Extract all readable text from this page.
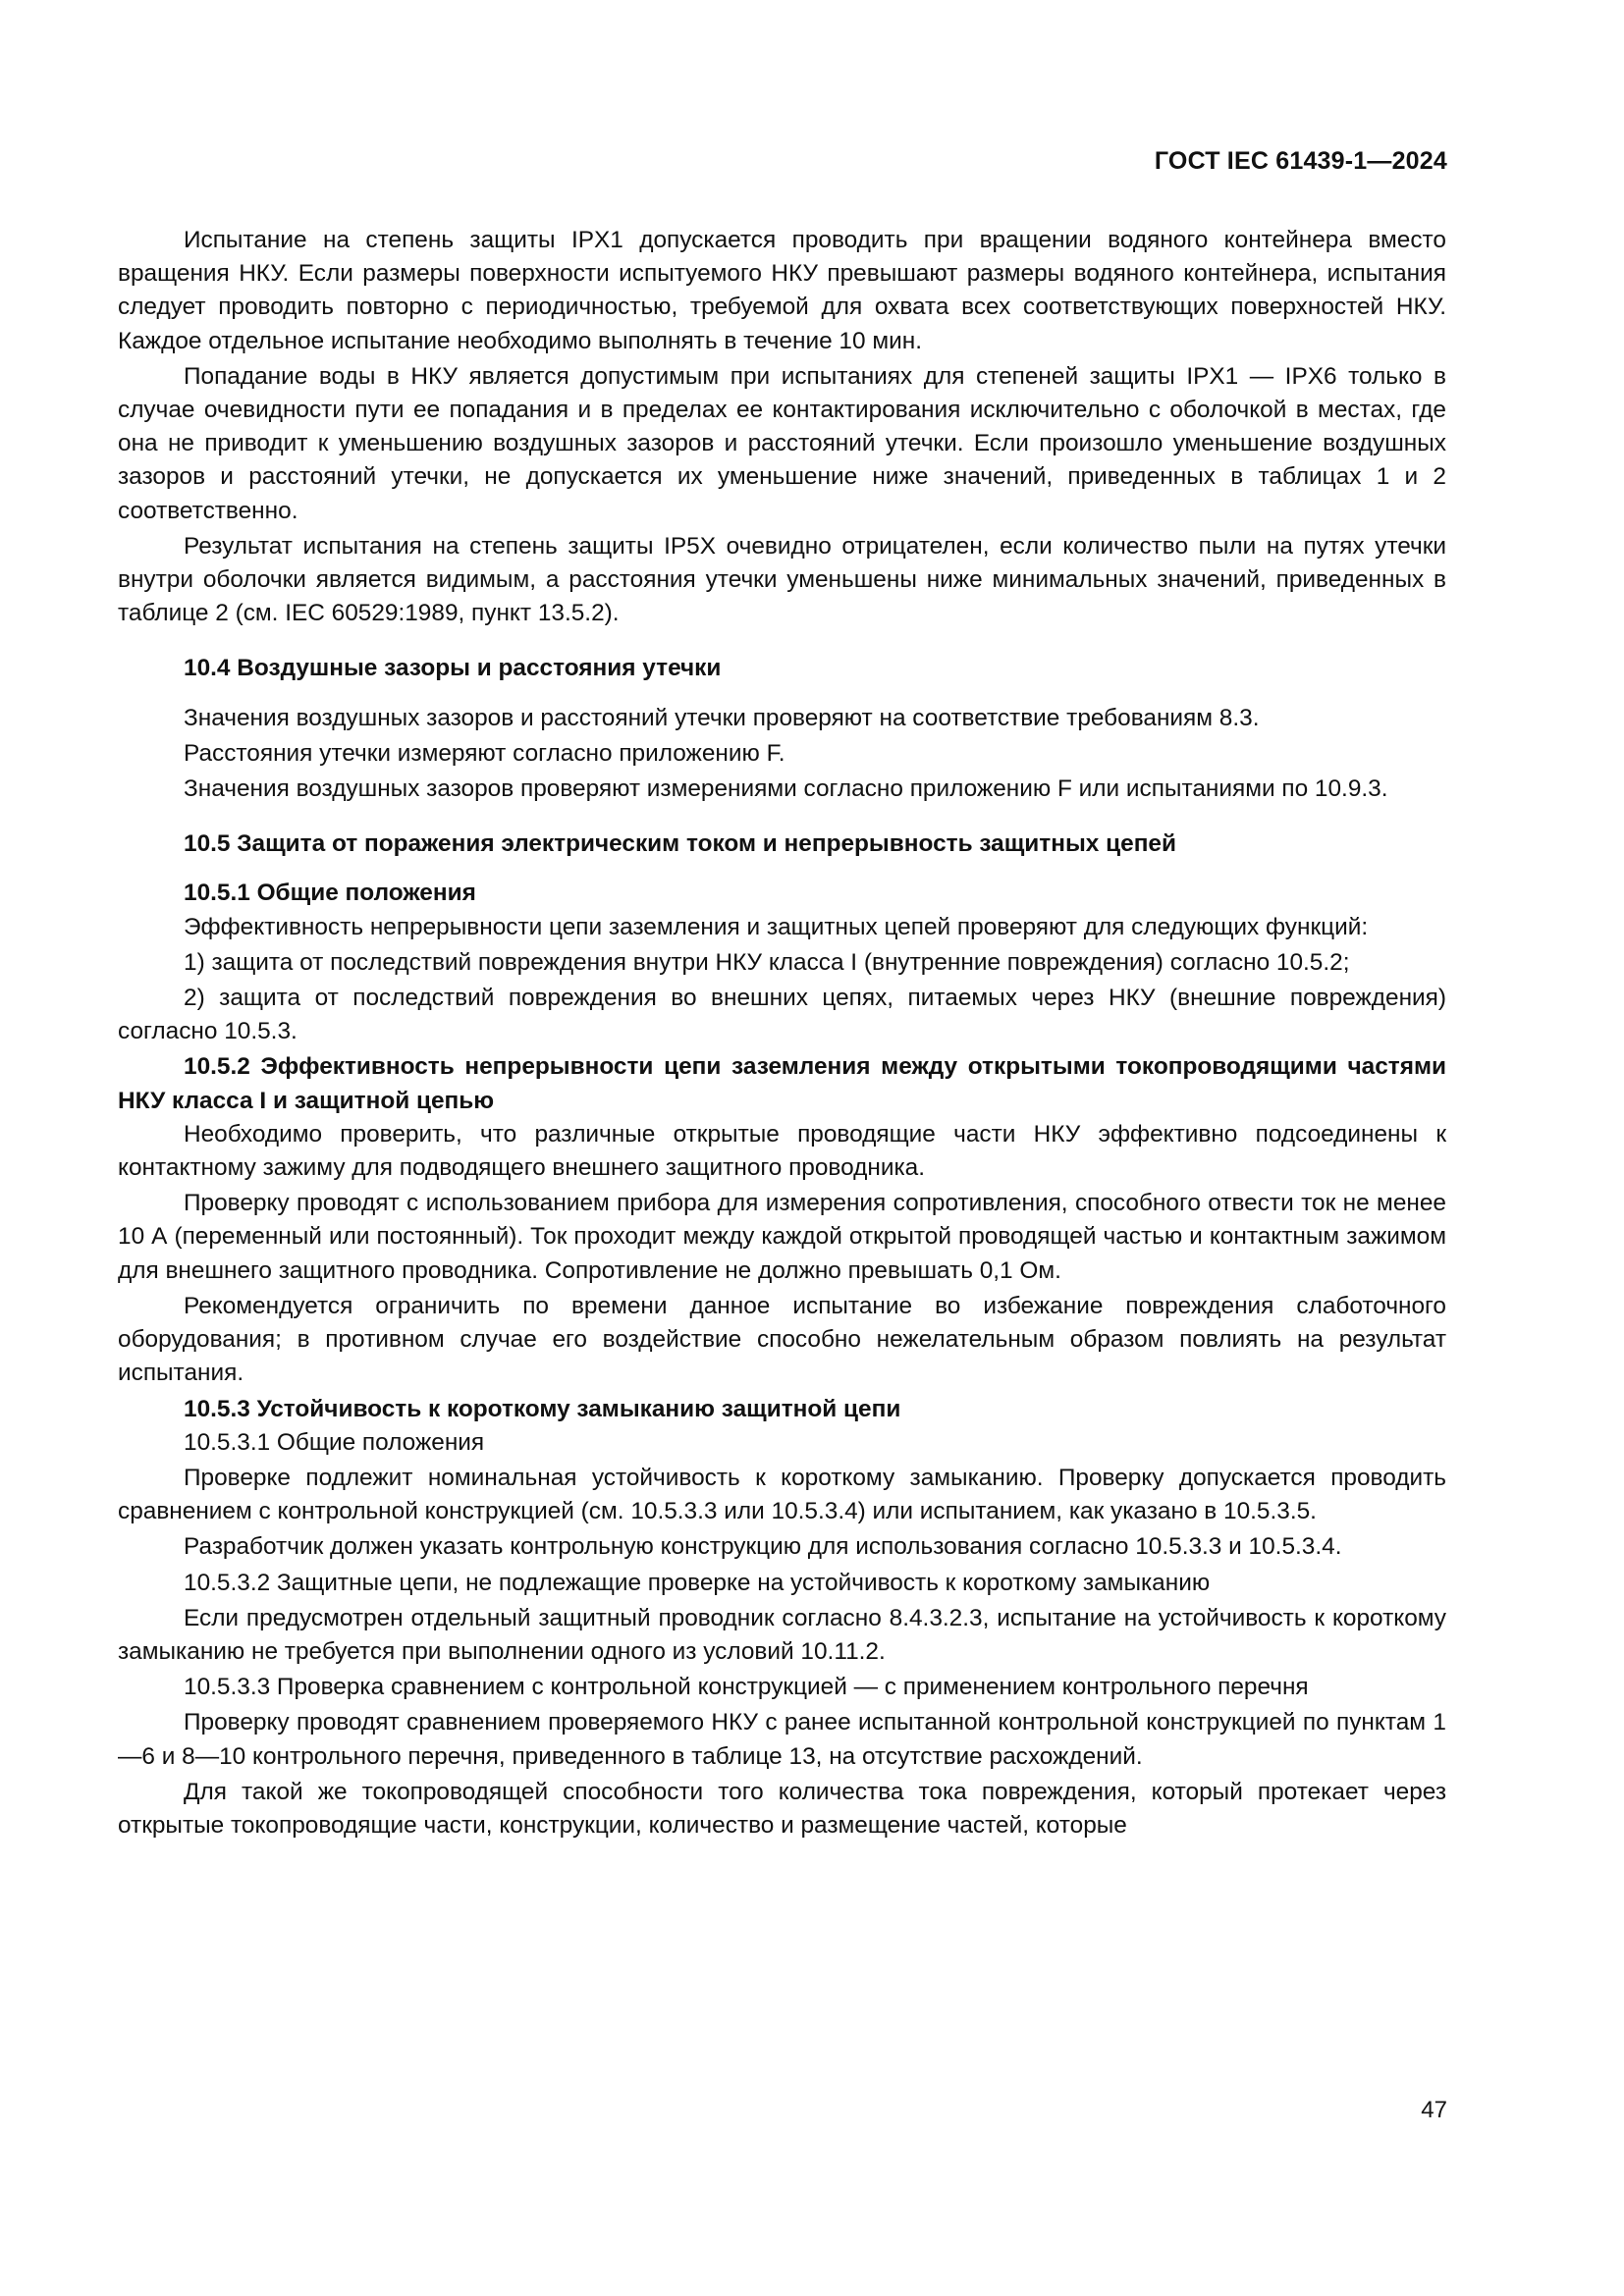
ГОСТ IEC 61439-1—2024

Испытание на степень защиты IPX1 допускается проводить при вращении водяного контейнера вместо вращения НКУ. Если размеры поверхности испытуемого НКУ превышают размеры водяного контейнера, испытания следует проводить повторно с периодичностью, требуемой для охвата всех соответствующих поверхностей НКУ. Каждое отдельное испытание необходимо выполнять в течение 10 мин.

Попадание воды в НКУ является допустимым при испытаниях для степеней защиты IPX1 — IPX6 только в случае очевидности пути ее попадания и в пределах ее контактирования исключительно с оболочкой в местах, где она не приводит к уменьшению воздушных зазоров и расстояний утечки. Если произошло уменьшение воздушных зазоров и расстояний утечки, не допускается их уменьшение ниже значений, приведенных в таблицах 1 и 2 соответственно.

Результат испытания на степень защиты IP5X очевидно отрицателен, если количество пыли на путях утечки внутри оболочки является видимым, а расстояния утечки уменьшены ниже минимальных значений, приведенных в таблице 2 (см. IEC 60529:1989, пункт 13.5.2).

10.4 Воздушные зазоры и расстояния утечки

Значения воздушных зазоров и расстояний утечки проверяют на соответствие требованиям 8.3.

Расстояния утечки измеряют согласно приложению F.

Значения воздушных зазоров проверяют измерениями согласно приложению F или испытаниями по 10.9.3.

10.5 Защита от поражения электрическим током и непрерывность защитных цепей
10.5.1 Общие положения

Эффективность непрерывности цепи заземления и защитных цепей проверяют для следующих функций:

1) защита от последствий повреждения внутри НКУ класса I (внутренние повреждения) согласно 10.5.2;

2) защита от последствий повреждения во внешних цепях, питаемых через НКУ (внешние повреждения) согласно 10.5.3.

10.5.2 Эффективность непрерывности цепи заземления между открытыми токопроводящими частями НКУ класса I и защитной цепью

Необходимо проверить, что различные открытые проводящие части НКУ эффективно подсоединены к контактному зажиму для подводящего внешнего защитного проводника.

Проверку проводят с использованием прибора для измерения сопротивления, способного отвести ток не менее 10 А (переменный или постоянный). Ток проходит между каждой открытой проводящей частью и контактным зажимом для внешнего защитного проводника. Сопротивление не должно превышать 0,1 Ом.

Рекомендуется ограничить по времени данное испытание во избежание повреждения слаботочного оборудования; в противном случае его воздействие способно нежелательным образом повлиять на результат испытания.

10.5.3 Устойчивость к короткому замыканию защитной цепи

10.5.3.1 Общие положения

Проверке подлежит номинальная устойчивость к короткому замыканию. Проверку допускается проводить сравнением с контрольной конструкцией (см. 10.5.3.3 или 10.5.3.4) или испытанием, как указано в 10.5.3.5.

Разработчик должен указать контрольную конструкцию для использования согласно 10.5.3.3 и 10.5.3.4.

10.5.3.2 Защитные цепи, не подлежащие проверке на устойчивость к короткому замыканию

Если предусмотрен отдельный защитный проводник согласно 8.4.3.2.3, испытание на устойчивость к короткому замыканию не требуется при выполнении одного из условий 10.11.2.

10.5.3.3 Проверка сравнением с контрольной конструкцией — с применением контрольного перечня

Проверку проводят сравнением проверяемого НКУ с ранее испытанной контрольной конструкцией по пунктам 1—6 и 8—10 контрольного перечня, приведенного в таблице 13, на отсутствие расхождений.

Для такой же токопроводящей способности того количества тока повреждения, который протекает через открытые токопроводящие части, конструкции, количество и размещение частей, которые

47
